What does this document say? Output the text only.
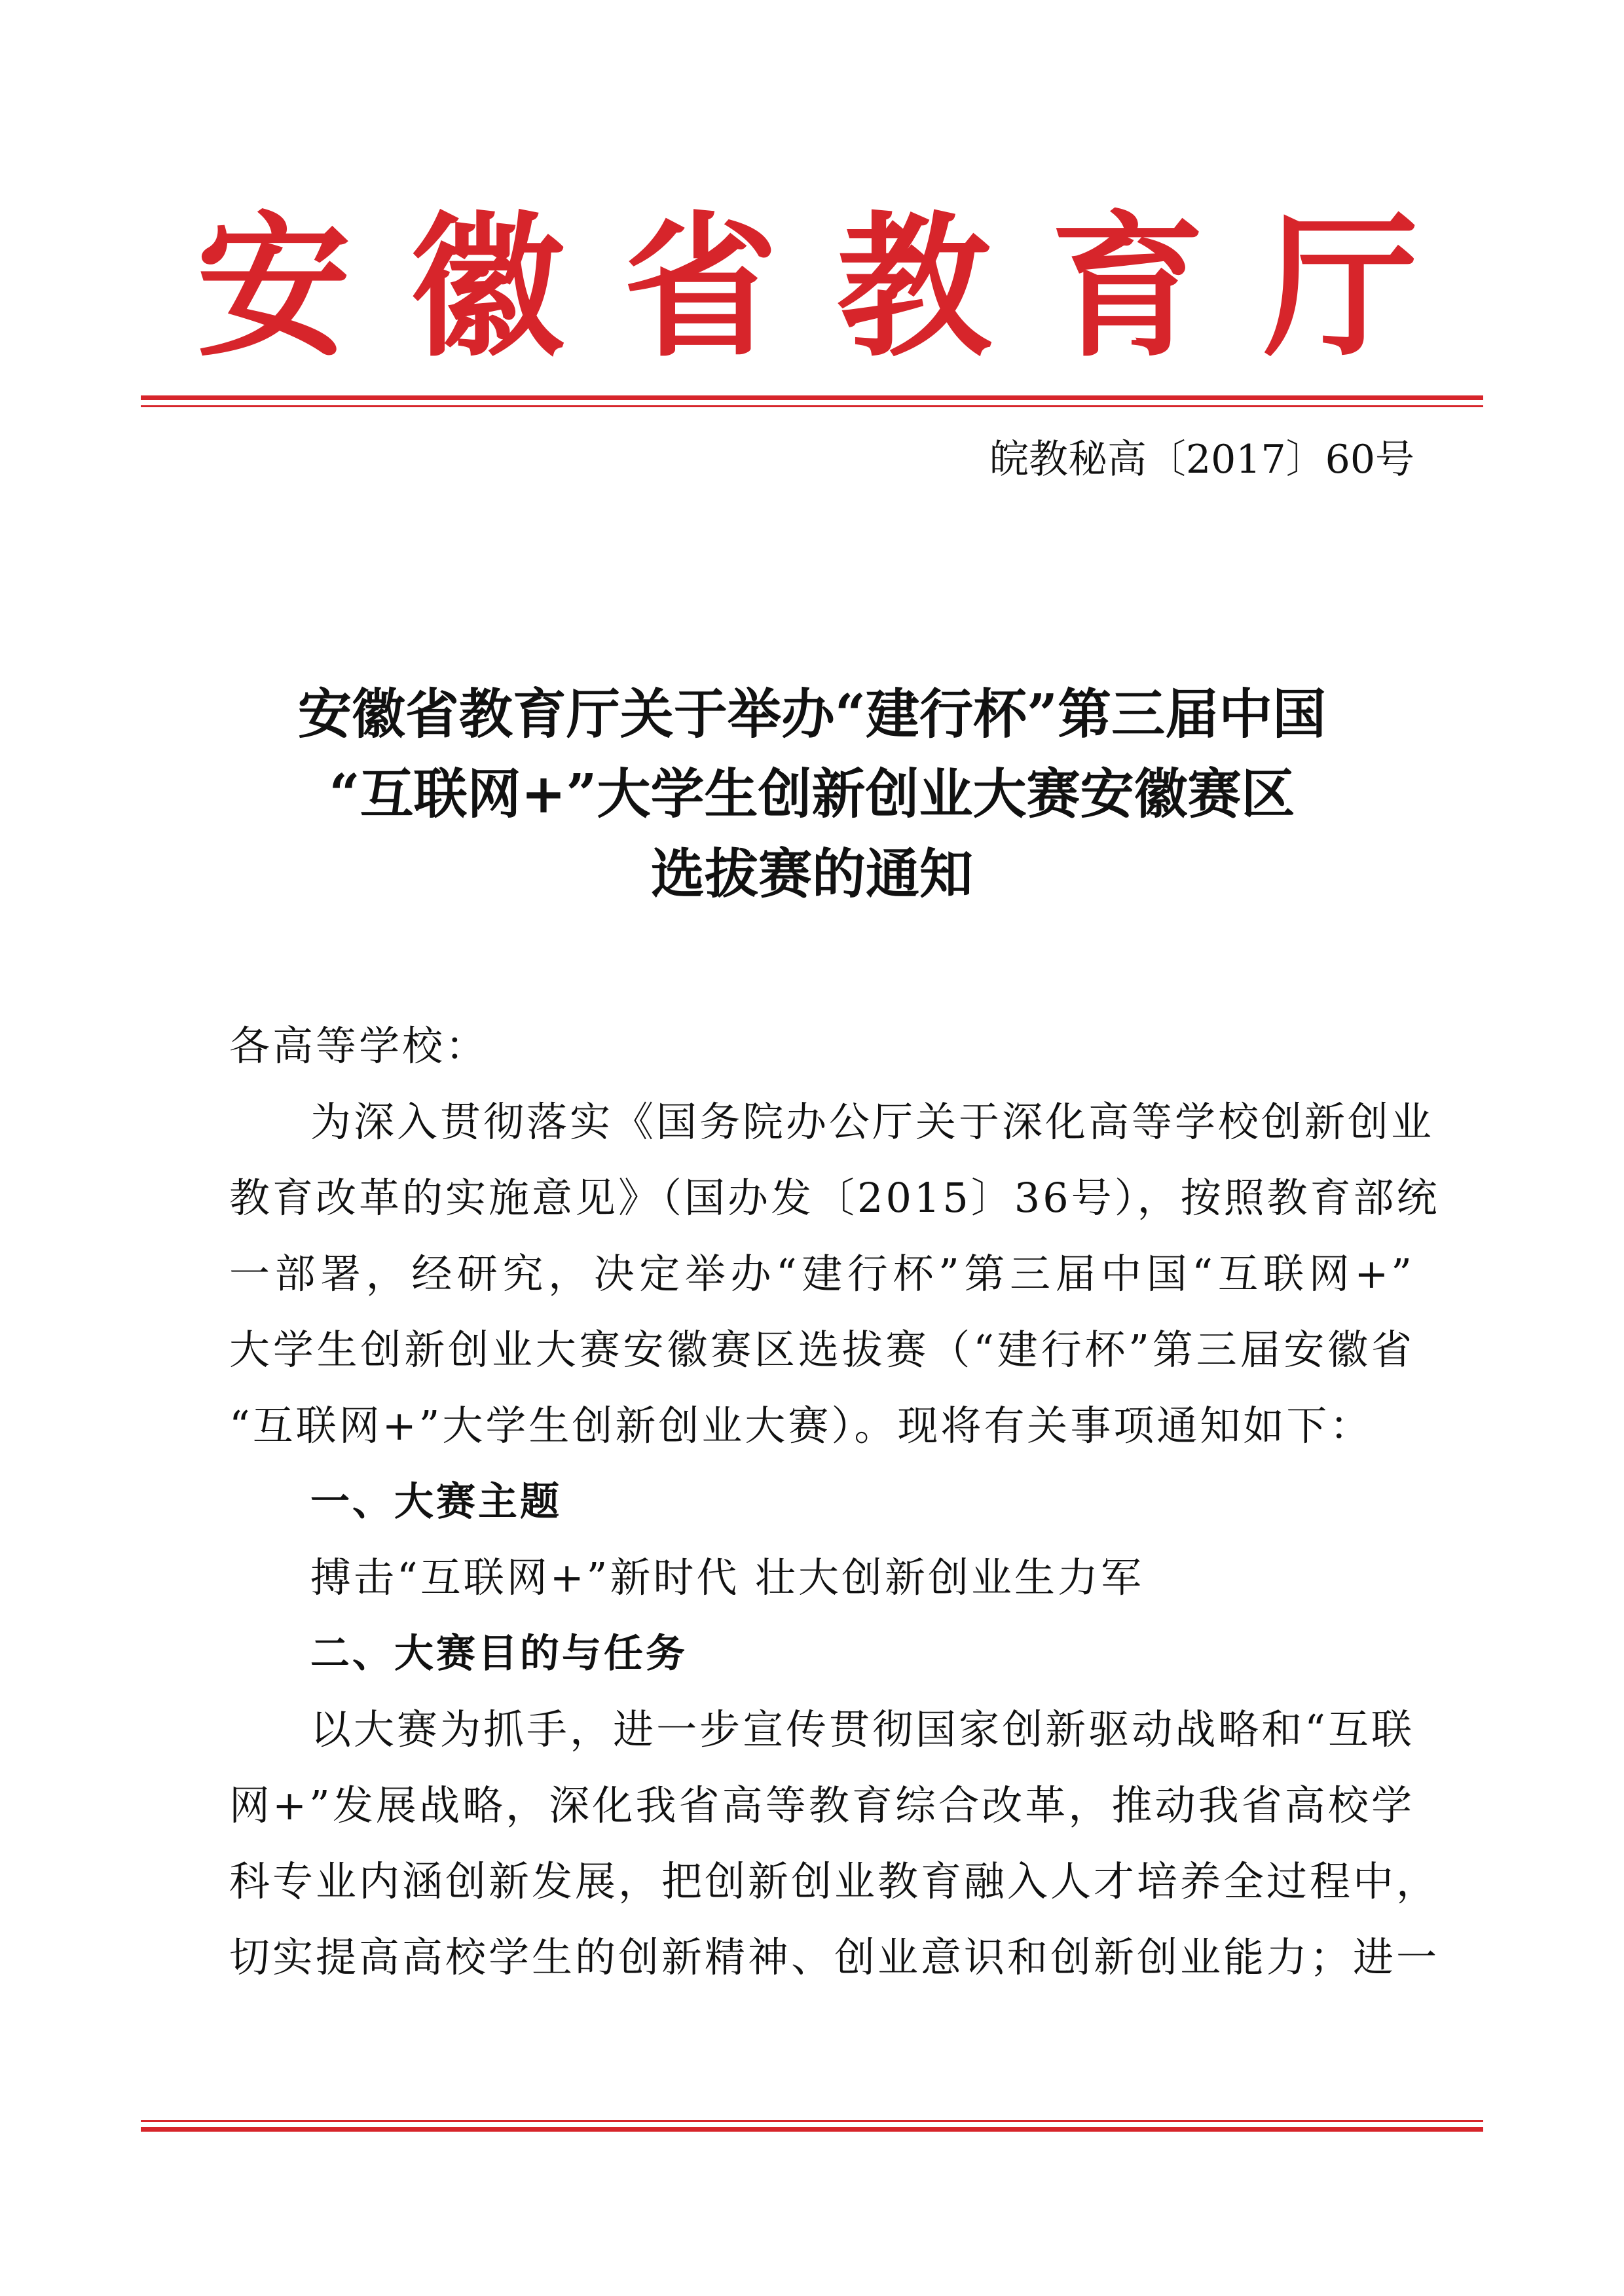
安徽省教育厅
皖教秘高〔2017〕60号
安徽省教育厅关于举办“建行杯”第三届中国
“互联网+”大学生创新创业大赛安徽赛区
选拔赛的通知
各高等学校：
为深入贯彻落实《国务院办公厅关于深化高等学校创新创业
教育改革的实施意见》（国办发〔2015〕36号），按照教育部统
一部署，经研究，决定举办“建行杯”第三届中国“互联网+”
大学生创新创业大赛安徽赛区选拔赛（“建行杯”第三届安徽省
“互联网+”大学生创新创业大赛）。现将有关事项通知如下：
一、大赛主题
搏击“互联网+”新时代 壮大创新创业生力军
二、大赛目的与任务
以大赛为抓手，进一步宣传贯彻国家创新驱动战略和“互联
网+”发展战略，深化我省高等教育综合改革，推动我省高校学
科专业内涵创新发展，把创新创业教育融入人才培养全过程中，
切实提高高校学生的创新精神、创业意识和创新创业能力；进一
